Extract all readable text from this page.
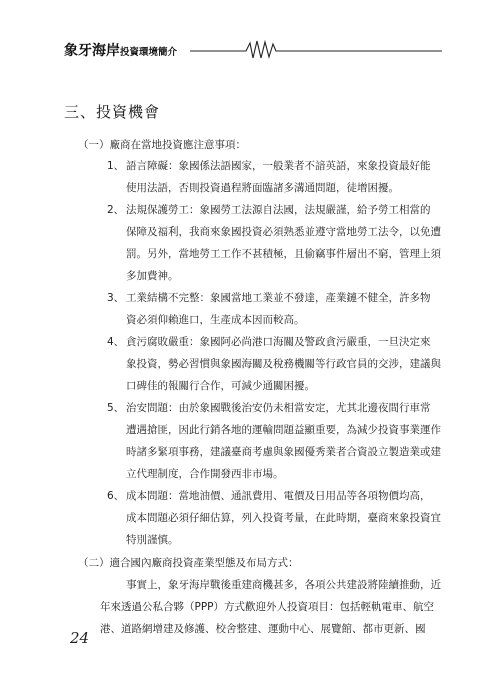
象牙海岸投資環境簡介
三、投資機會
（一）廠商在當地投資應注意事項：
1、 語言障礙：象國係法語國家，一般業者不諳英語，來象投資最好能
使用法語，否則投資過程將面臨諸多溝通問題，徒增困擾。
2、 法規保護勞工：象國勞工法源自法國，法規嚴謹，給予勞工相當的
保障及福利，我商來象國投資必須熟悉並遵守當地勞工法令，以免遭
罰。另外，當地勞工工作不甚積極，且偷竊事件層出不窮，管理上須
多加費神。
3、 工業結構不完整：象國當地工業並不發達，產業鏈不健全，許多物
資必須仰賴進口，生產成本因而較高。
4、 貪污腐敗嚴重：象國阿必尚港口海關及警政貪污嚴重，一旦決定來
象投資，勢必習慣與象國海關及稅務機關等行政官員的交涉，建議與
口碑佳的報關行合作，可減少通關困擾。
5、 治安問題：由於象國戰後治安仍未相當安定，尤其北邊夜間行車常
遭遇搶匪，因此行銷各地的運輸問題益顯重要，為減少投資事業運作
時諸多緊項事務，建議臺商考慮與象國優秀業者合資設立製造業或建
立代理制度，合作開發西非市場。
6、 成本問題：當地油價、通訊費用、電價及日用品等各項物價均高，
成本問題必須仔細估算，列入投資考量，在此時期，臺商來象投資宜
特別謹慎。
（二）適合國內廠商投資產業型態及布局方式：
事實上，象牙海岸戰後重建商機甚多，各項公共建設將陸續推動，近
年來透過公私合夥（PPP）方式歡迎外人投資項目：包括輕軌電車、航空
港、道路網增建及修護、校舍整建、運動中心、展覽館、都市更新、國
24
